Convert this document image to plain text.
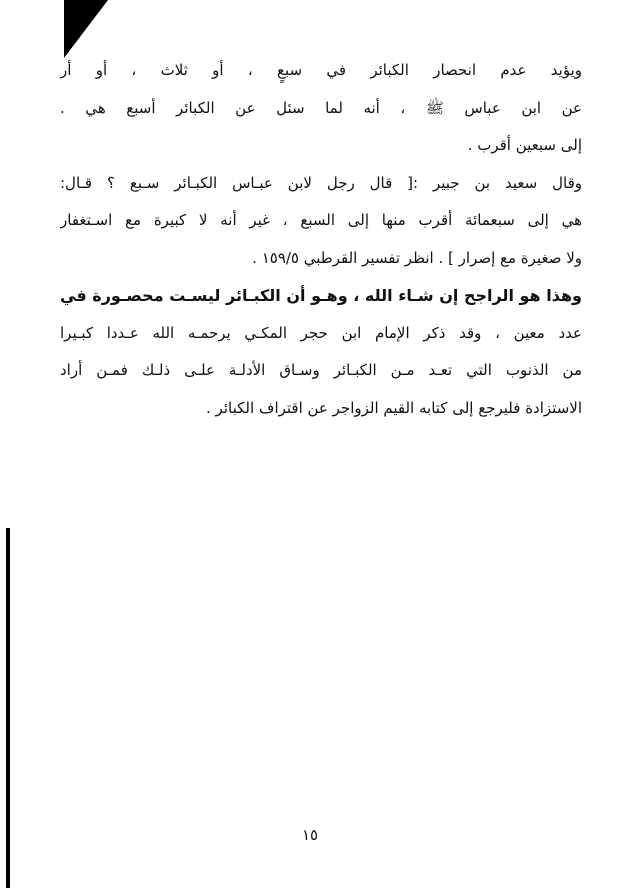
ويؤيد عدم انحصار الكبائر في سبعٍ ، أو ثلاث ، أو أر
عن ابن عباس ﷺ ، أنه لما سئل عن الكبائر أسبع هي .
إلى سبعين أقرب .
وقال سعيد بن جبير :[ قال رجل لابن عبـاس الكبـائر سـبع ؟ قـال:
هي إلى سبعمائة أقرب منها إلى السبع ، غير أنه لا كبيرة مع اسـتغفار
ولا صغيرة مع إصرار ] . انظر تفسير القرطبي ١٥٩/٥ .
وهذا هو الراجح إن شـاء الله ، وهـو أن الكبـائر ليسـت محصـورة في
عدد معين ، وقد ذكر الإمام ابن حجر المكـي يرحمـه الله عـددا كبـيرا
من الذنوب التي تعـد مـن الكبـائر وسـاق الأدلـة علـى ذلـك فمـن أراد
الاستزادة فليرجع إلى كتابه القيم الزواجر عن اقتراف الكبائر .
١٥
